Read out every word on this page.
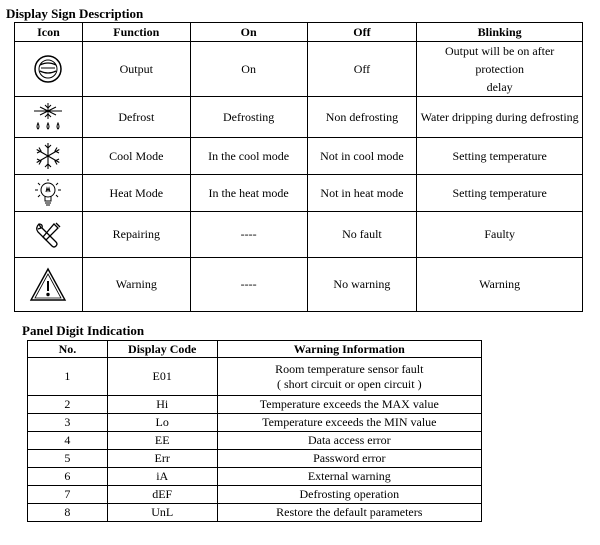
Display Sign Description
Icon	Function	On	Off	Blinking

	Output	On	Off	Output will be on after protection
delay

	Defrost	Defrosting	Non defrosting	Water dripping during defrosting

	Cool Mode	In the cool mode	Not in cool mode	Setting temperature

	Heat Mode	In the heat mode	Not in heat mode	Setting temperature

	Repairing	----	No fault	Faulty

	Warning	----	No warning	Warning
Panel Digit Indication
No.	Display Code	Warning Information
1	E01	Room temperature sensor fault
( short circuit or open circuit )

2	Hi	Temperature exceeds the MAX value
3	Lo	Temperature exceeds the MIN value
4	EE	Data access error
5	Err	Password error
6	iA	External warning
7	dEF	Defrosting operation
8	UnL	Restore the default parameters
